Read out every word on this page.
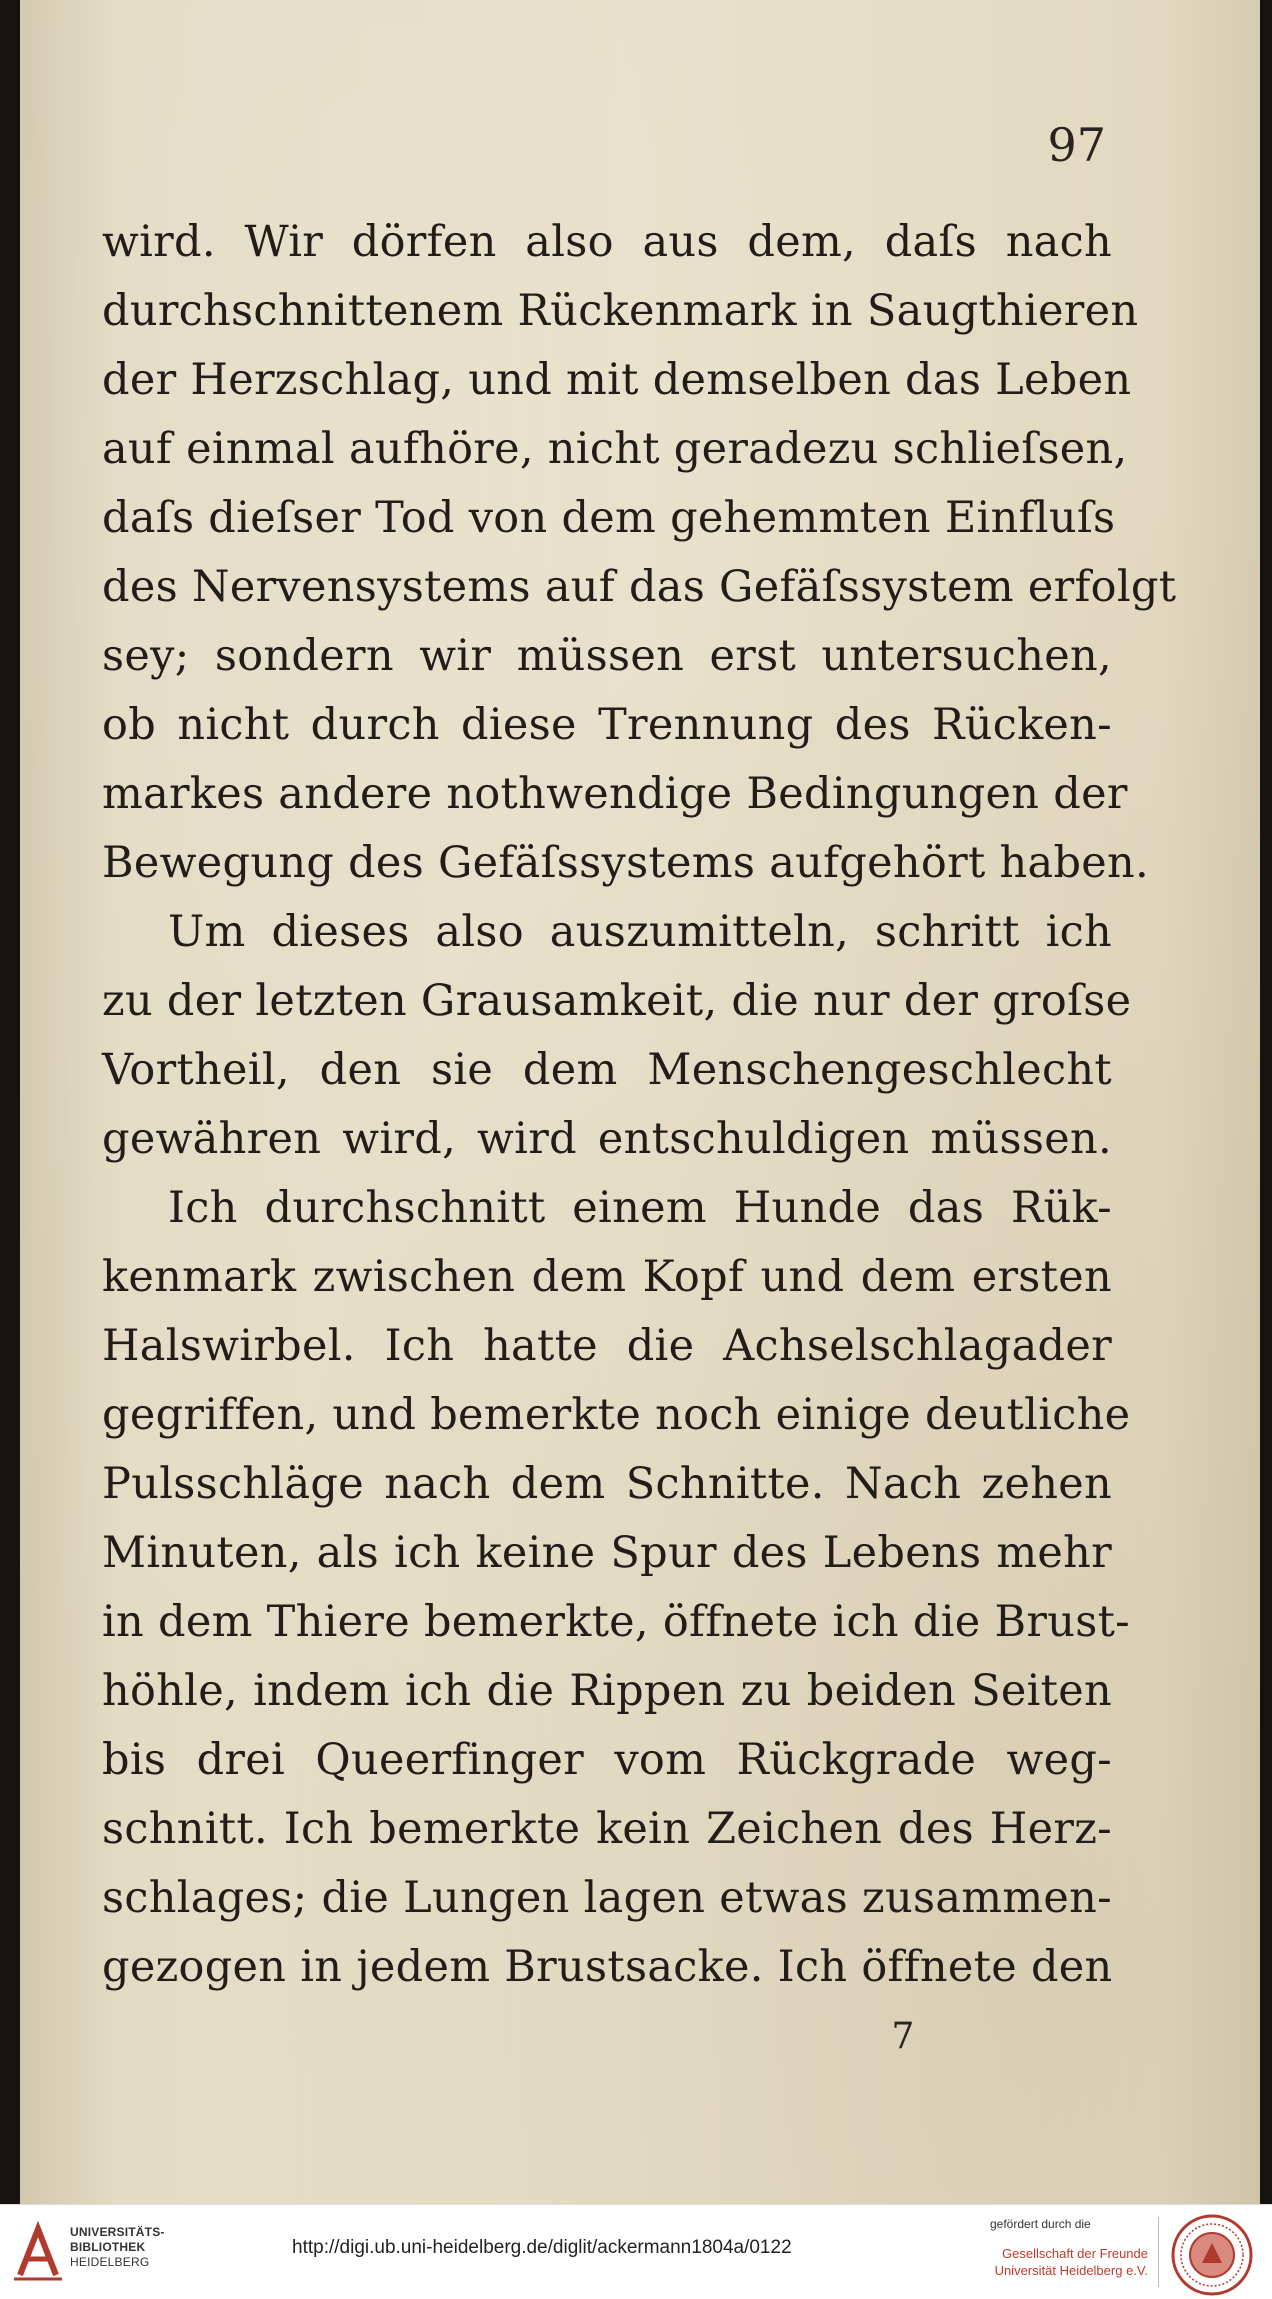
97

wird. Wir dörfen also aus dem, daſs nach
durchschnittenem Rückenmark in Saugthieren
der Herzschlag, und mit demselben das Leben
auf einmal aufhöre, nicht geradezu schlieſsen,
daſs dieſser Tod von dem gehemmten Einfluſs
des Nervensystems auf das Gefäſssystem erfolgt
sey; sondern wir müssen erst untersuchen,
ob nicht durch diese Trennung des Rücken-
markes andere nothwendige Bedingungen der
Bewegung des Gefäſssystems aufgehört haben.
Um dieses also auszumitteln, schritt ich
zu der letzten Grausamkeit, die nur der groſse
Vortheil, den sie dem Menschengeschlecht
gewähren wird, wird entschuldigen müssen.
Ich durchschnitt einem Hunde das Rük-
kenmark zwischen dem Kopf und dem ersten
Halswirbel. Ich hatte die Achselschlagader
gegriffen, und bemerkte noch einige deutliche
Pulsschläge nach dem Schnitte. Nach zehen
Minuten, als ich keine Spur des Lebens mehr
in dem Thiere bemerkte, öffnete ich die Brust-
höhle, indem ich die Rippen zu beiden Seiten
bis drei Queerfinger vom Rückgrade weg-
schnitt. Ich bemerkte kein Zeichen des Herz-
schlages; die Lungen lagen etwas zusammen-
gezogen in jedem Brustsacke. Ich öffnete den

7

UNIVERSITÄTS-
BIBLIOTHEK
HEIDELBERG
http://digi.ub.uni-heidelberg.de/diglit/ackermann1804a/0122
gefördert durch die
Gesellschaft der Freunde
Universität Heidelberg e.V.
